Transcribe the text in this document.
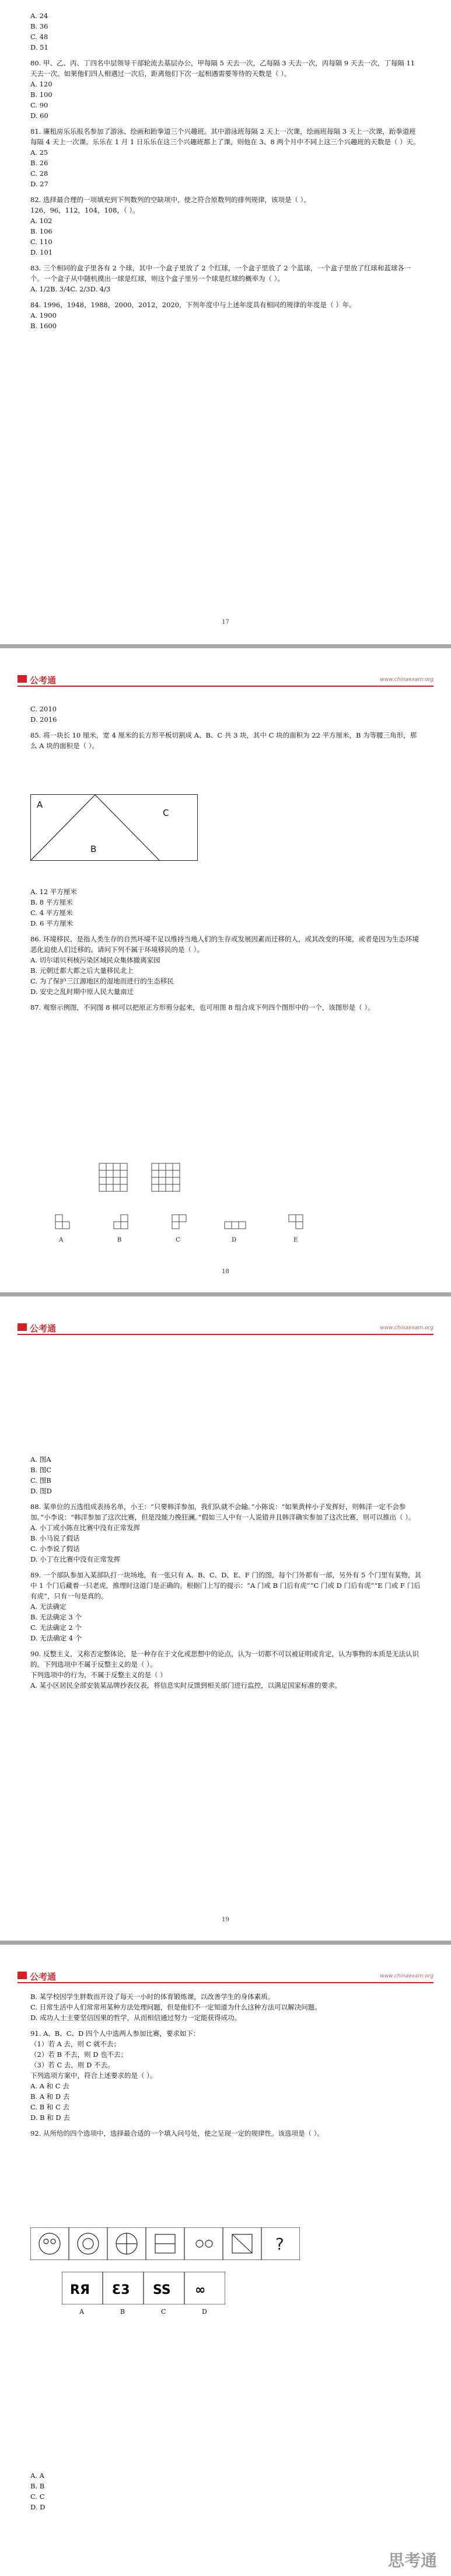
A. 24

B. 36

C. 48

D. 51

80. 甲、乙、丙、丁四名中层领导干部轮流去基层办公，甲每隔 5 天去一次，乙每隔 3 天去一次，丙每隔 9 天去一次，丁每隔 11 天去一次。如果他们四人相遇过一次后，距离他们下次一起相遇需要等待的天数是（ ）。

A. 120

B. 100

C. 90

D. 60

81. 廉租房乐乐报名参加了游泳、绘画和跆拳道三个兴趣班。其中游泳班每隔 2 天上一次课，绘画班每隔 3 天上一次课，跆拳道班每隔 4 天上一次课。乐乐在 1 月 1 日乐乐在这三个兴趣班都上了课，则他在 3、8 两个月中不同上这三个兴趣班的天数是（ ）天。

A. 25

B. 26

C. 28

D. 27

82. 选择最合理的一项填充到下列数列的空缺项中，使之符合原数列的排列规律，该项是（ ）。

126，96，112，104，108，（ ）。

A. 102

B. 106

C. 110

D. 101

83. 三个相同的盒子里各有 2 个球，其中一个盒子里放了 2 个红球，一个盒子里放了 2 个蓝球，一个盒子里放了红球和蓝球各一个。一个盒子从中随机摸出一球是红球，则这个盒子里另一个球是红球的概率为（ ）。

A. 1/2B. 3/4C. 2/3D. 4/3

84. 1996，1948，1988，2000，2012，2020，下列年度中与上述年度具有相同的规律的年度是（ ）年。

A. 1900

B. 1600

17
公考通	www.chinaexam.org

C. 2010

D. 2016

85. 将一块长 10 厘米，宽 4 厘米的长方形平板切割成 A、B、C 共 3 块，其中 C 块的面积为 22 平方厘米，B 为等腰三角形，那么 A 块的面积是（ ）。

A
B
C

A. 12 平方厘米

B. 8 平方厘米

C. 4 平方厘米

D. 6 平方厘米

86. 环境移民，是指人类生存的自然环境不足以维持当地人们的生存或发展因素而迁移的人，或其改变的环境，或者是因为生态环境恶化迫使人们迁移的。请问下列不属于环境移民的是（ ）。

A. 切尔诺贝利核污染区域民众集体撤离家园

B. 元朝迁都大都之后大量移民北上

C. 为了保护三江源地区的湿地而进行的生态移民

D. 安史之乱时期中原人民大量南迁

87. 观察示例图，不同图 8 棋可以把原正方形剪分起来，也可用图 8 组合成下列四个图形中的一个，该图形是（ ）。

A	B	C	D	E
18
公考通	www.chinaexam.org

A. 图A

B. 图C

C. 图B

D. 图D

88. 某单位的五选组成表扬名单，小王：“只要韩洋参加，我们队就不会输。”小陈说：“如果黄梓小子发挥好，则韩洋一定不会参加。”小李说：“韩洋参加了这次比赛，但是没能力挽狂澜。”假如三人中有一人说错并且韩洋确实参加了这次比赛，则可以推出（ ）。

A. 小丁或小陈在比赛中没有正常发挥

B. 小马说了假话

C. 小李说了假话

D. 小丁在比赛中没有正常发挥

89. 一个部队参加入某部队打一块场地，有一张只有 A、B、C、D、E、F 门的图，每个门外都有一部，另外有 5 个门里有某物，其中 1 个门后藏着一只老虎，推理时这道门是正确的。根据门上写的提示：“A 门或 B 门后有虎”“C 门或 D 门后有虎”“E 门或 F 门后有虎”，只有一句是真的。

A. 无法确定

B. 无法确定 3 个

C. 无法确定 2 个

D. 无法确定 4 个

90. 反整主义，又称否定整体论，是一种存在于文化或思想中的论点，认为一切都不可以被证明或肯定，认为事物的本质是无法认识的。下列选项中不属于反整主义的是（ ）。

下列选项中的行为，不属于反整主义的是（ ）

A. 某小区居民全部安装某品牌抄表仪表，将信息实时反馈到相关部门进行监控，以满足国家标准的要求。

19
公考通	www.chinaexam.org

B. 某学校因学生胖数而开设了每天一小时的体育锻炼课，以改善学生的身体素质。

C. 日常生活中人们常常用某种方法处理问题，但是他们不一定知道为什么这种方法可以解决问题。

D. 成功人士主要坚信因果的哲学，从而相信通过努力一定能获得成功。

91. A、B、C、D 四个人中选两人参加比赛，要求如下：

（1）若 A 去，则 C 就不去；

（2）若 B 不去，则 D 也不去；

（3）若 C 去，则 D 不去。

下列选项方案中，符合上述要求的是（ ）。

A. A 和 C 去

B. A 和 D 去

C. B 和 C 去

D. B 和 D 去

92. 从所给的四个选项中，选择最合适的一个填入问号处，使之呈现一定的规律性。该选项是（ ）。

?
RЯ Ɛ3 SS ∞
A	B	C	D

A. A

B. B

C. C

D. D

思考通
